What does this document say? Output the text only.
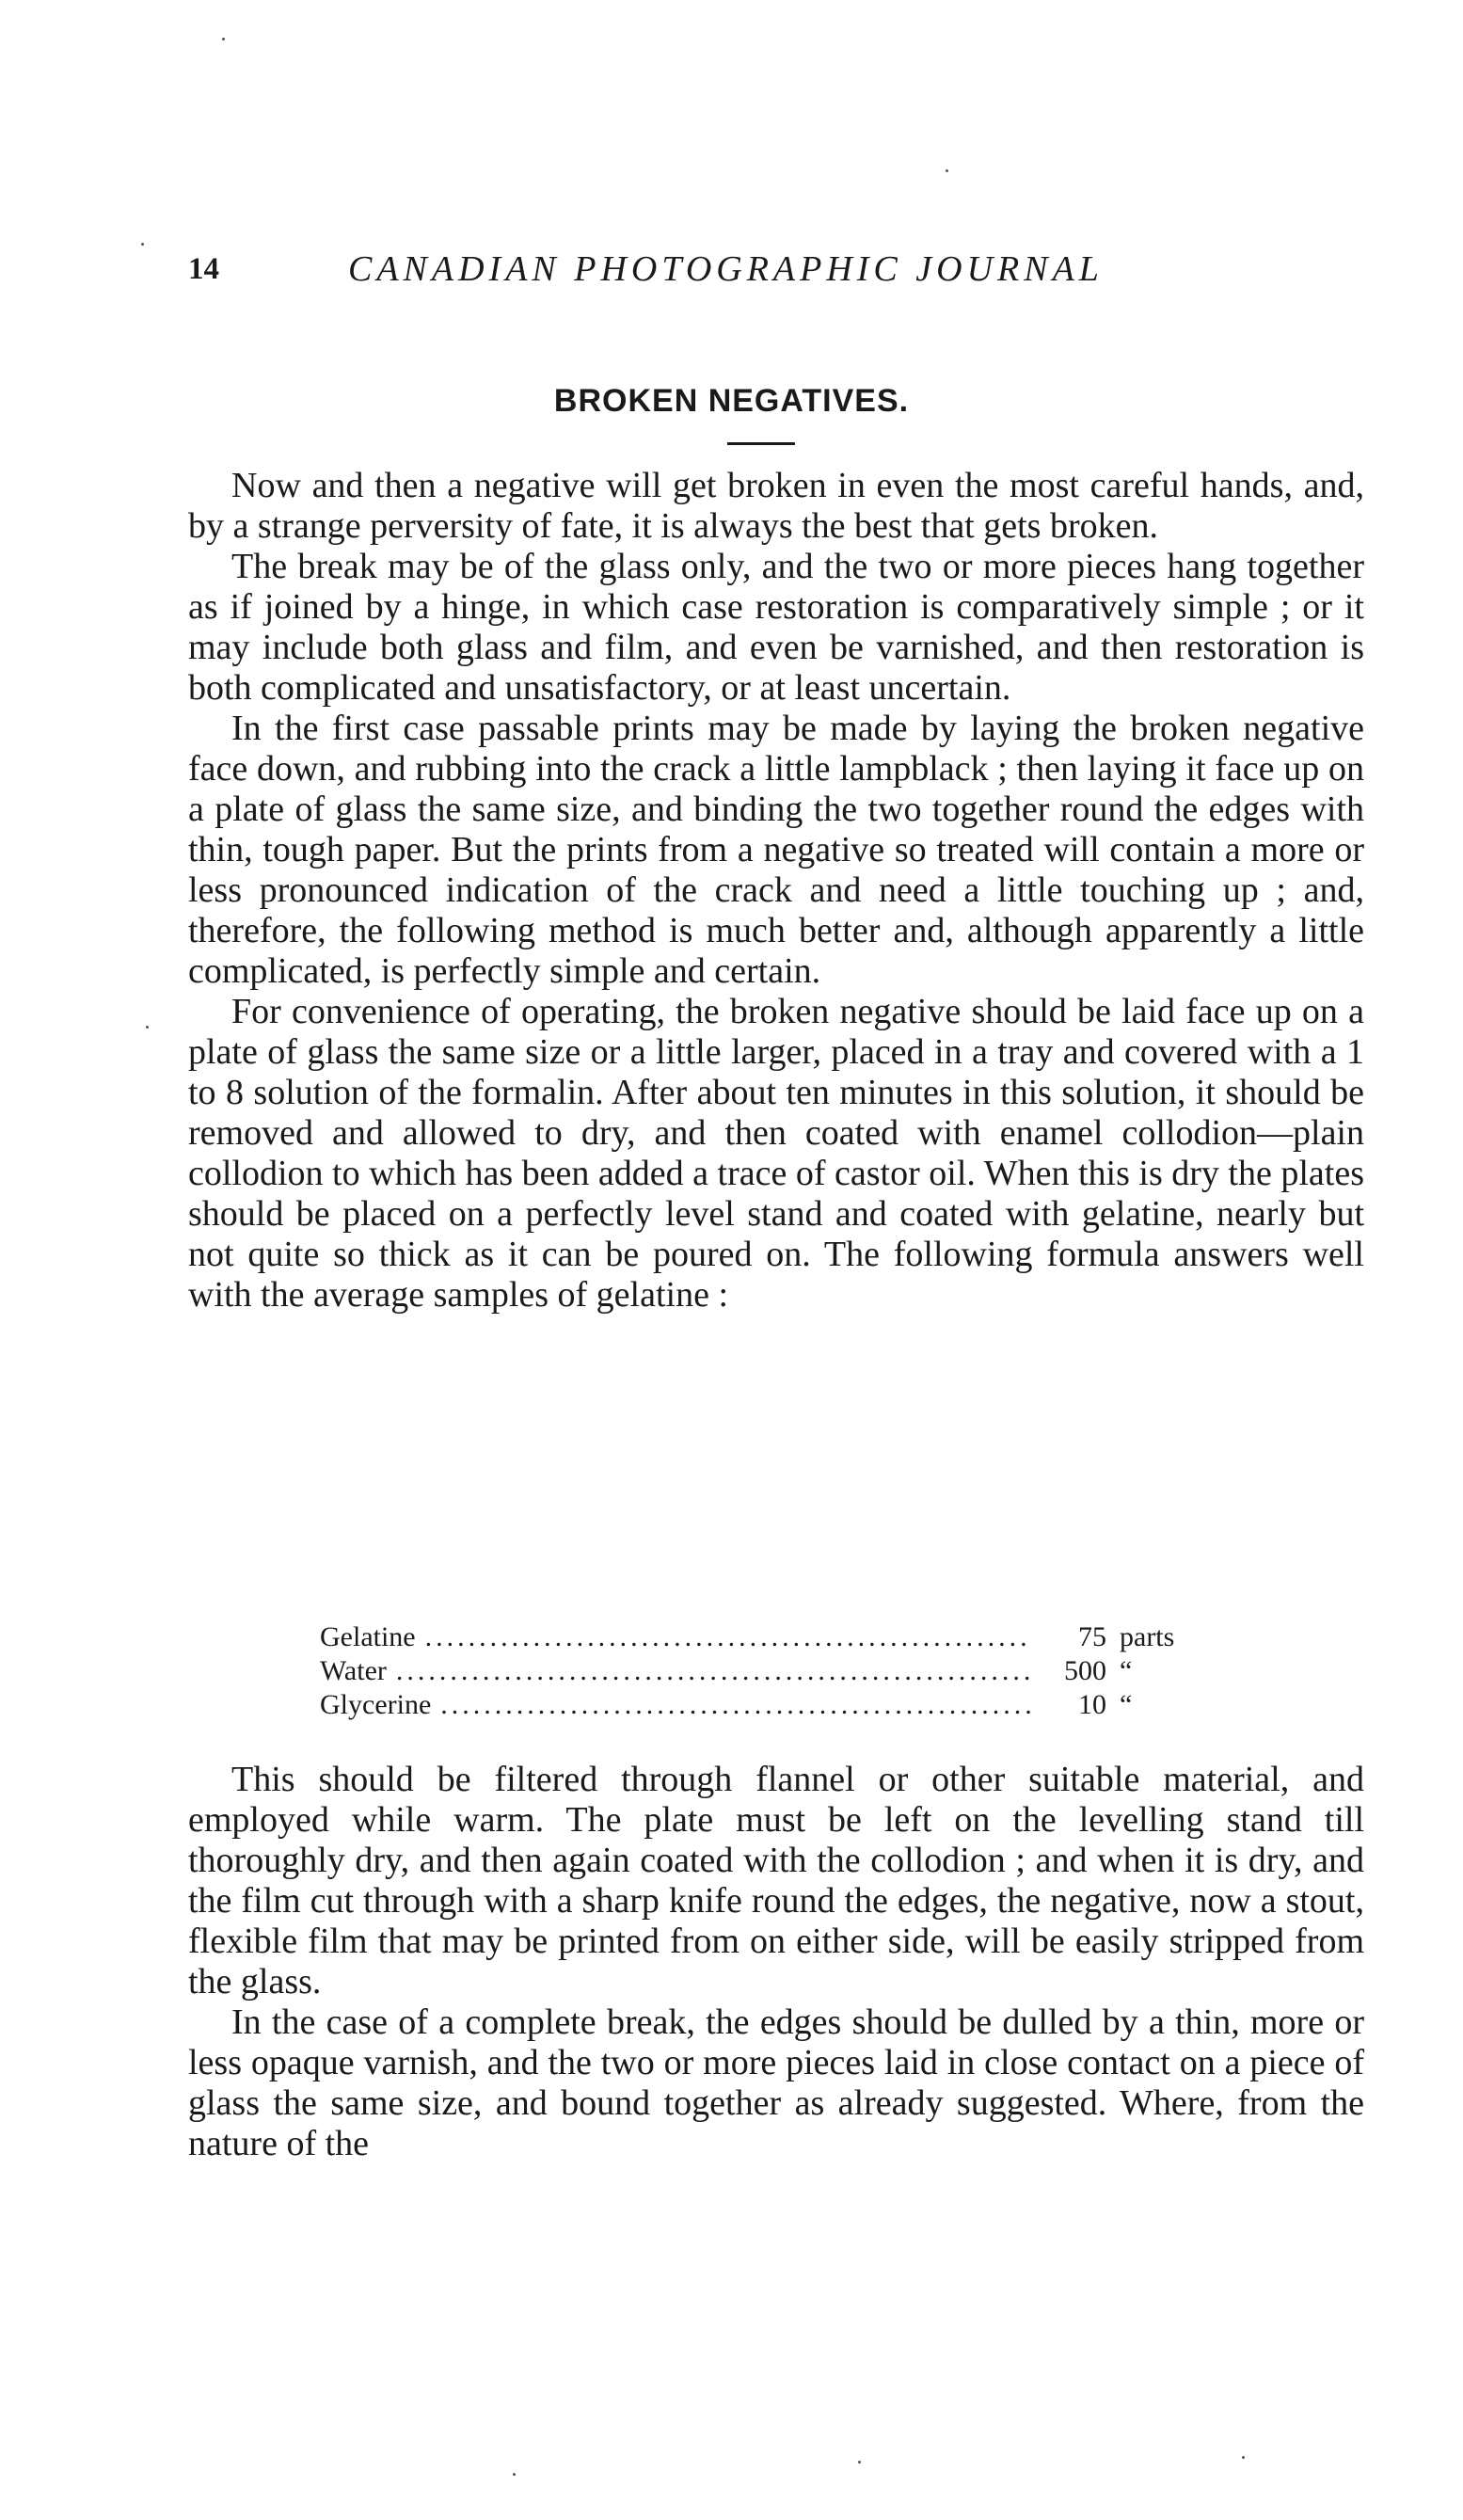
14	CANADIAN PHOTOGRAPHIC JOURNAL
BROKEN NEGATIVES.

Now and then a negative will get broken in even the most careful hands, and, by a strange perversity of fate, it is always the best that gets broken.

The break may be of the glass only, and the two or more pieces hang together as if joined by a hinge, in which case restoration is comparatively simple ; or it may include both glass and film, and even be varnished, and then restoration is both complicated and unsatisfactory, or at least uncertain.

In the first case passable prints may be made by laying the broken negative face down, and rubbing into the crack a little lampblack ; then laying it face up on a plate of glass the same size, and binding the two together round the edges with thin, tough paper. But the prints from a negative so treated will contain a more or less pronounced indication of the crack and need a little touching up ; and, therefore, the following method is much better and, although apparently a little complicated, is perfectly simple and certain.

For convenience of operating, the broken negative should be laid face up on a plate of glass the same size or a little larger, placed in a tray and covered with a 1 to 8 solution of the formalin. After about ten minutes in this solution, it should be removed and allowed to dry, and then coated with enamel collodion—plain collodion to which has been added a trace of castor oil. When this is dry the plates should be placed on a perfectly level stand and coated with gelatine, nearly but not quite so thick as it can be poured on. The following formula answers well with the average samples of gelatine :

Gelatine .....	75 parts
Water .....	500 “
Glycerine .....	10 “

This should be filtered through flannel or other suitable material, and employed while warm. The plate must be left on the levelling stand till thoroughly dry, and then again coated with the collodion ; and when it is dry, and the film cut through with a sharp knife round the edges, the negative, now a stout, flexible film that may be printed from on either side, will be easily stripped from the glass.

In the case of a complete break, the edges should be dulled by a thin, more or less opaque varnish, and the two or more pieces laid in close contact on a piece of glass the same size, and bound together as already suggested. Where, from the nature of the
